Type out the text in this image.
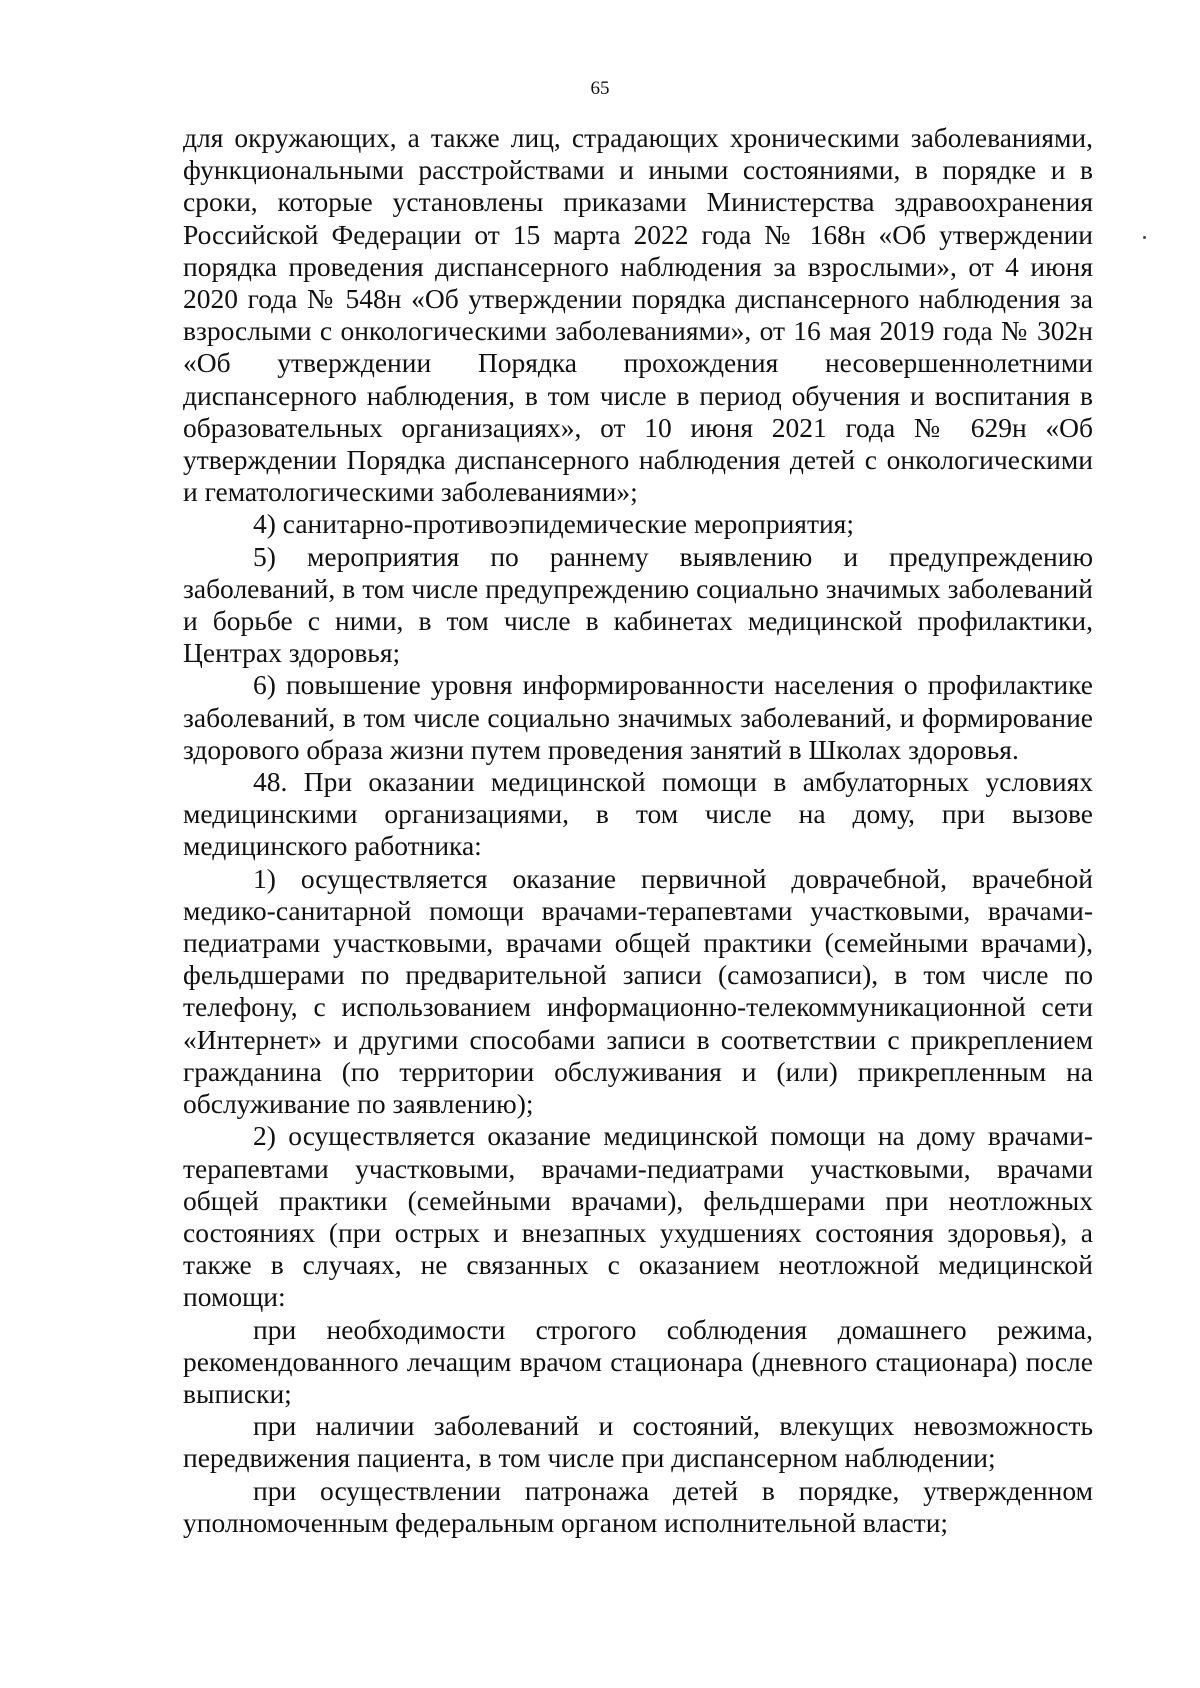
65

для окружающих, а также лиц, страдающих хроническими заболеваниями, функциональными расстройствами и иными состояниями, в порядке и в сроки, которые установлены приказами Министерства здравоохранения Российской Федерации от 15 марта 2022 года № 168н «Об утверждении порядка проведения диспансерного наблюдения за взрослыми», от 4 июня 2020 года № 548н «Об утверждении порядка диспансерного наблюдения за взрослыми с онкологическими заболеваниями», от 16 мая 2019 года № 302н «Об утверждении Порядка прохождения несовершеннолетними диспансерного наблюдения, в том числе в период обучения и воспитания в образовательных организациях», от 10 июня 2021 года № 629н «Об утверждении Порядка диспансерного наблюдения детей с онкологическими и гематологическими заболеваниями»;

4) санитарно-противоэпидемические мероприятия;

5) мероприятия по раннему выявлению и предупреждению заболеваний, в том числе предупреждению социально значимых заболеваний и борьбе с ними, в том числе в кабинетах медицинской профилактики, Центрах здоровья;

6) повышение уровня информированности населения о профилактике заболеваний, в том числе социально значимых заболеваний, и формирование здорового образа жизни путем проведения занятий в Школах здоровья.

48. При оказании медицинской помощи в амбулаторных условиях медицинскими организациями, в том числе на дому, при вызове медицинского работника:

1) осуществляется оказание первичной доврачебной, врачебной медико-санитарной помощи врачами-терапевтами участковыми, врачами-педиатрами участковыми, врачами общей практики (семейными врачами), фельдшерами по предварительной записи (самозаписи), в том числе по телефону, с использованием информационно-телекоммуникационной сети «Интернет» и другими способами записи в соответствии с прикреплением гражданина (по территории обслуживания и (или) прикрепленным на обслуживание по заявлению);

2) осуществляется оказание медицинской помощи на дому врачами-терапевтами участковыми, врачами-педиатрами участковыми, врачами общей практики (семейными врачами), фельдшерами при неотложных состояниях (при острых и внезапных ухудшениях состояния здоровья), а также в случаях, не связанных с оказанием неотложной медицинской помощи:

при необходимости строгого соблюдения домашнего режима, рекомендованного лечащим врачом стационара (дневного стационара) после выписки;

при наличии заболеваний и состояний, влекущих невозможность передвижения пациента, в том числе при диспансерном наблюдении;

при осуществлении патронажа детей в порядке, утвержденном уполномоченным федеральным органом исполнительной власти;
